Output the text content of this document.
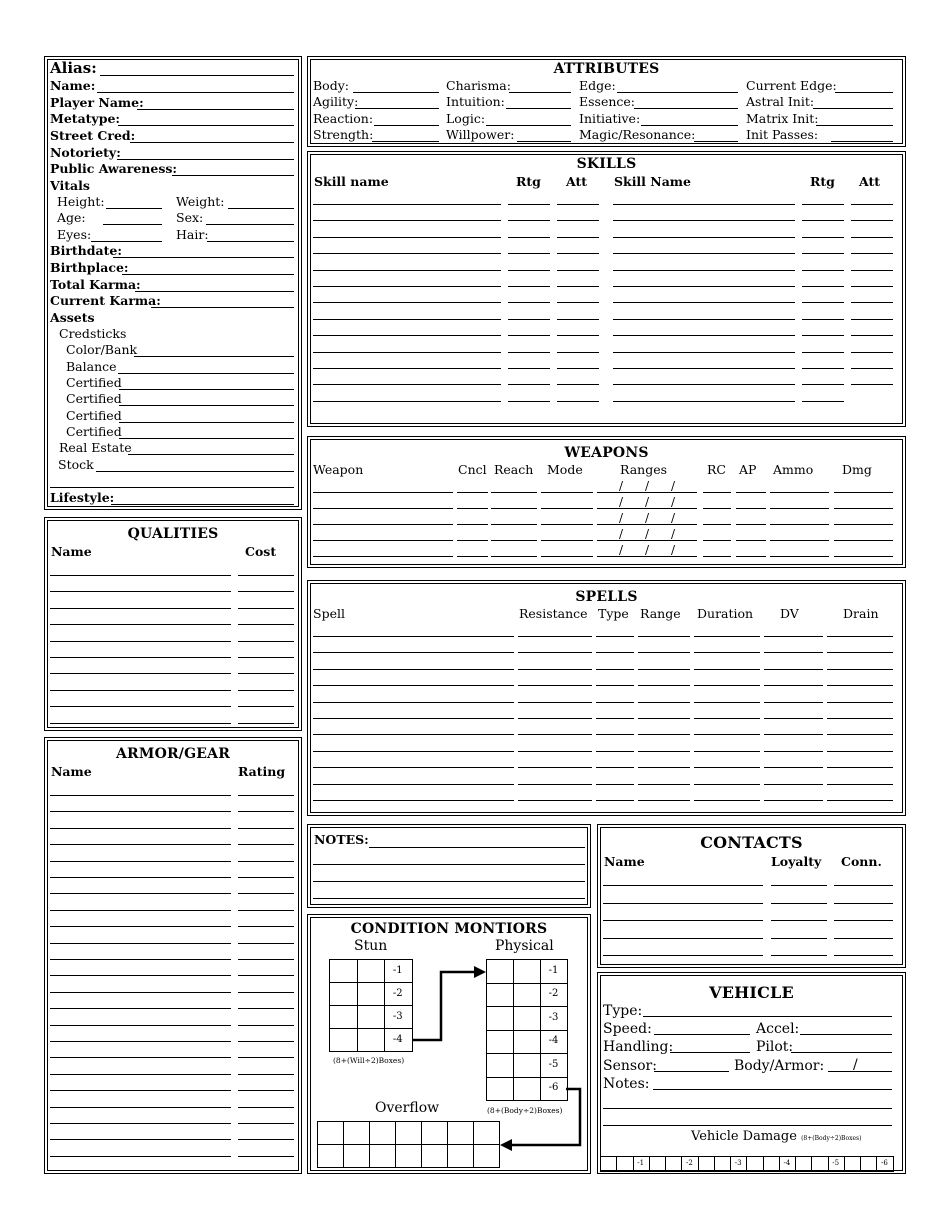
Alias:
Name:
Player Name:
Metatype:
Street Cred:
Notoriety:
Public Awareness:
Vitals
Height:	Weight:
Age:	Sex:
Eyes:	Hair:
Birthdate:
Birthplace:
Total Karma:
Current Karma:
Assets
Credsticks
Color/Bank
Balance
Certified
Certified
Certified
Certified
Real Estate
Stock
Lifestyle:
ATTRIBUTES
Body:
Agility:
Reaction:
Strength:
Charisma:
Intuition:
Logic:
Willpower:
Edge:
Essence:
Initiative:
Magic/Resonance:
Current Edge:
Astral Init:
Matrix Init:
Init Passes:
SKILLS
Skill name	Rtg Att Skill Name	Rtg Att
WEAPONS
Weapon	Cncl Reach Mode	Ranges	RC AP Ammo Dmg
/ / /
/ / /
/ / /
/ / /
/ / /
SPELLS
Spell	Resistance Type Range Duration DV	Drain
QUALITIES
Name	Cost
ARMOR/GEAR
Name	Rating
NOTES:	CONTACTS
Name	Loyalty Conn.
CONDITION MONTIORS
Stun	Physical
-1
-2
-3
-4
-1
-2
-3
-4
-5
-6
(8+(Will÷2)Boxes)
(8+(Body÷2)Boxes)
Overflow
VEHICLE
Type:
Speed:	Accel:
Handling:	Pilot:
Sensor:	Body/Armor: /
Notes:
-1	-2	-3	-4	-5	-6
Vehicle Damage (8+(Body÷2)Boxes)
